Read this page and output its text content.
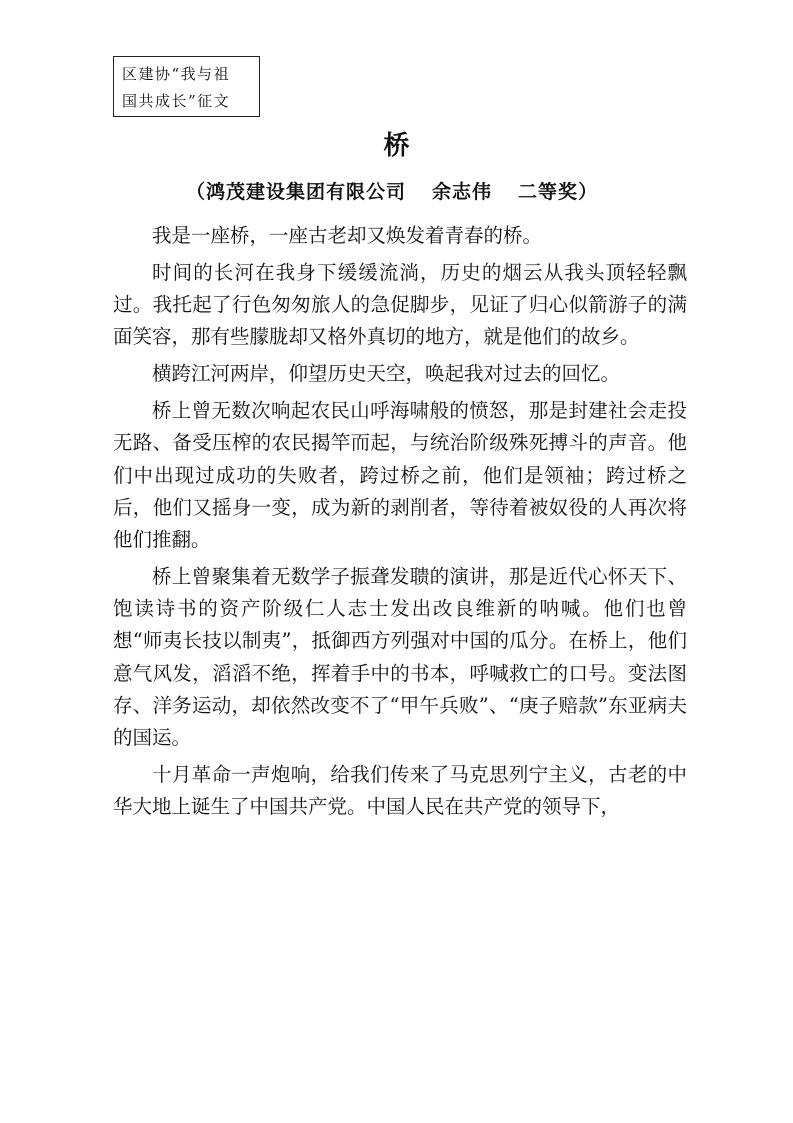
区建协“我与祖
国共成长”征文
桥
（鸿茂建设集团有限公司 余志伟 二等奖）

我是一座桥，一座古老却又焕发着青春的桥。

时间的长河在我身下缓缓流淌，历史的烟云从我头顶轻轻飘过。我托起了行色匆匆旅人的急促脚步，见证了归心似箭游子的满面笑容，那有些朦胧却又格外真切的地方，就是他们的故乡。

横跨江河两岸，仰望历史天空，唤起我对过去的回忆。

桥上曾无数次响起农民山呼海啸般的愤怒，那是封建社会走投无路、备受压榨的农民揭竿而起，与统治阶级殊死搏斗的声音。他们中出现过成功的失败者，跨过桥之前，他们是领袖；跨过桥之后，他们又摇身一变，成为新的剥削者，等待着被奴役的人再次将他们推翻。

桥上曾聚集着无数学子振聋发聩的演讲，那是近代心怀天下、饱读诗书的资产阶级仁人志士发出改良维新的呐喊。他们也曾想“师夷长技以制夷”，抵御西方列强对中国的瓜分。在桥上，他们意气风发，滔滔不绝，挥着手中的书本，呼喊救亡的口号。变法图存、洋务运动，却依然改变不了“甲午兵败”、“庚子赔款”东亚病夫的国运。

十月革命一声炮响，给我们传来了马克思列宁主义，古老的中华大地上诞生了中国共产党。中国人民在共产党的领导下，
